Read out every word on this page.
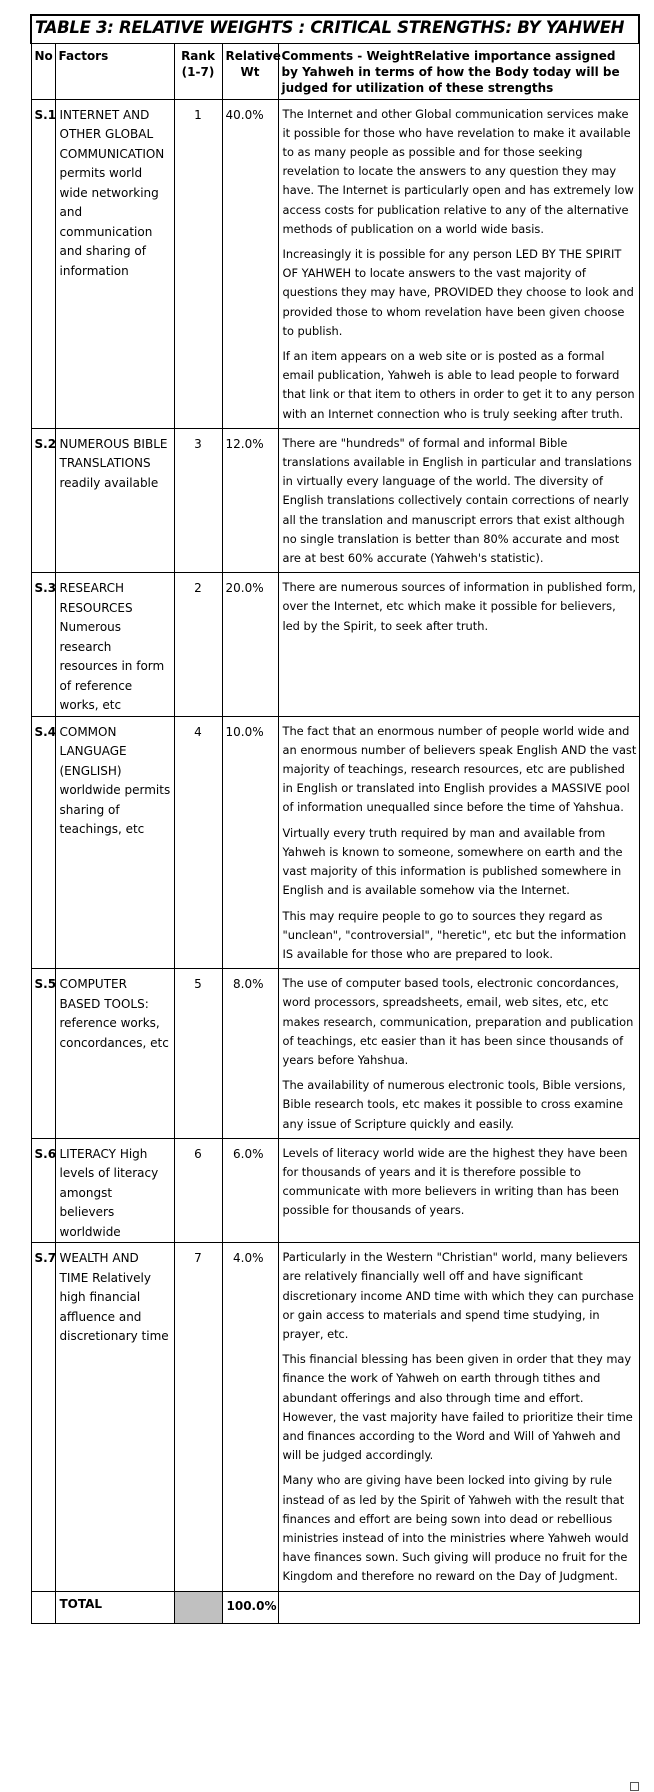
TABLE 3: RELATIVE WEIGHTS : CRITICAL STRENGTHS: BY YAHWEH				
No	Factors	Rank (1-7)	Relative Wt	Comments - WeightRelative importance assigned by Yahweh in terms of how the Body today will be judged for utilization of these strengths
S.1	INTERNET AND OTHER GLOBAL COMMUNICATION permits world wide networking and communication and sharing of information	1	40.0%	The Internet and other Global communication services make it possible for those who have revelation to make it available to as many people as possible and for those seeking revelation to locate the answers to any question they may have. The Internet is particularly open and has extremely low access costs for publication relative to any of the alternative methods of publication on a world wide basis.

Increasingly it is possible for any person LED BY THE SPIRIT OF YAHWEH to locate answers to the vast majority of questions they may have, PROVIDED they choose to look and provided those to whom revelation have been given choose to publish.

If an item appears on a web site or is posted as a formal email publication, Yahweh is able to lead people to forward that link or that item to others in order to get it to any person with an Internet connection who is truly seeking after truth.

S.2	NUMEROUS BIBLE TRANSLATIONS readily available	3	12.0%	There are "hundreds" of formal and informal Bible translations available in English in particular and translations in virtually every language of the world. The diversity of English translations collectively contain corrections of nearly all the translation and manuscript errors that exist although no single translation is better than 80% accurate and most are at best 60% accurate (Yahweh's statistic).

S.3	RESEARCH RESOURCES Numerous research resources in form of reference works, etc	2	20.0%	There are numerous sources of information in published form, over the Internet, etc which make it possible for believers, led by the Spirit, to seek after truth.

S.4	COMMON LANGUAGE (ENGLISH) worldwide permits sharing of teachings, etc	4	10.0%	The fact that an enormous number of people world wide and an enormous number of believers speak English AND the vast majority of teachings, research resources, etc are published in English or translated into English provides a MASSIVE pool of information unequalled since before the time of Yahshua.

Virtually every truth required by man and available from Yahweh is known to someone, somewhere on earth and the vast majority of this information is published somewhere in English and is available somehow via the Internet.

This may require people to go to sources they regard as "unclean", "controversial", "heretic", etc but the information IS available for those who are prepared to look.

S.5	COMPUTER BASED TOOLS: reference works, concordances, etc	5	8.0%	The use of computer based tools, electronic concordances, word processors, spreadsheets, email, web sites, etc, etc makes research, communication, preparation and publication of teachings, etc easier than it has been since thousands of years before Yahshua.

The availability of numerous electronic tools, Bible versions, Bible research tools, etc makes it possible to cross examine any issue of Scripture quickly and easily.

S.6	LITERACY High levels of literacy amongst believers worldwide	6	6.0%	Levels of literacy world wide are the highest they have been for thousands of years and it is therefore possible to communicate with more believers in writing than has been possible for thousands of years.

S.7	WEALTH AND TIME Relatively high financial affluence and discretionary time	7	4.0%	Particularly in the Western "Christian" world, many believers are relatively financially well off and have significant discretionary income AND time with which they can purchase or gain access to materials and spend time studying, in prayer, etc.

This financial blessing has been given in order that they may finance the work of Yahweh on earth through tithes and abundant offerings and also through time and effort. However, the vast majority have failed to prioritize their time and finances according to the Word and Will of Yahweh and will be judged accordingly.

Many who are giving have been locked into giving by rule instead of as led by the Spirit of Yahweh with the result that finances and effort are being sown into dead or rebellious ministries instead of into the ministries where Yahweh would have finances sown. Such giving will produce no fruit for the Kingdom and therefore no reward on the Day of Judgment.

	TOTAL		100.0%	
